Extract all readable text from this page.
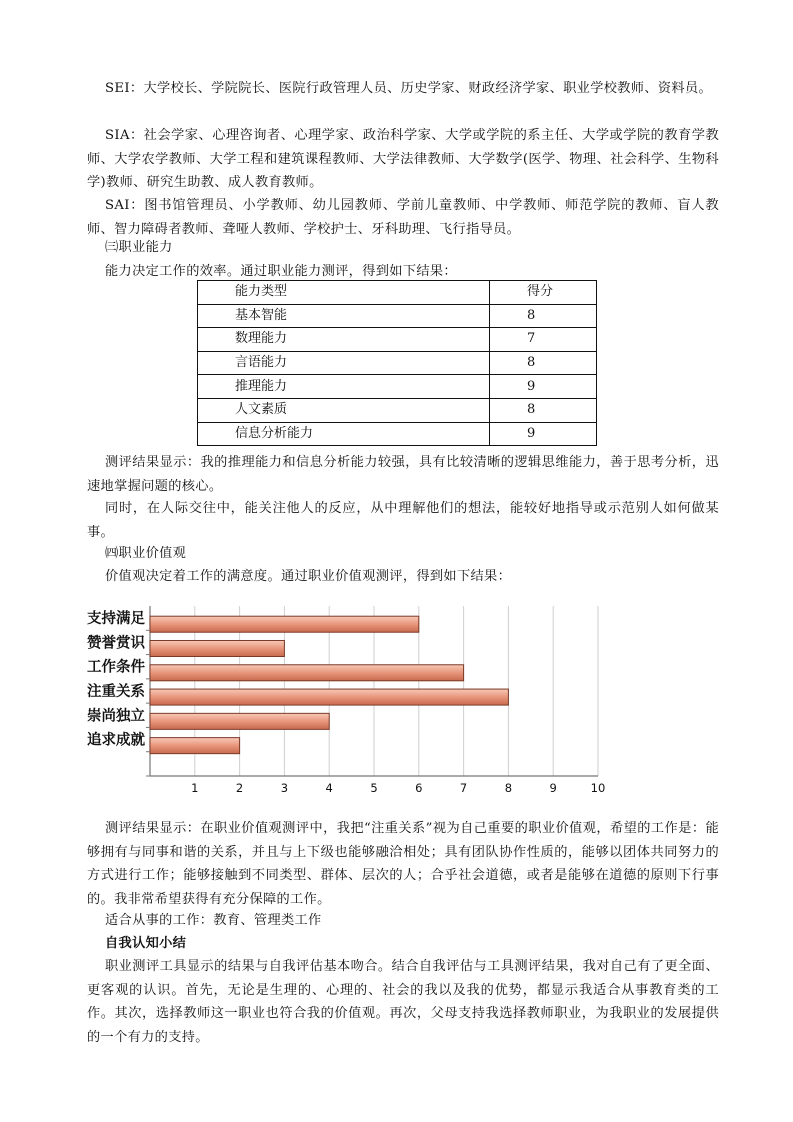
SEI：大学校长、学院院长、医院行政管理人员、历史学家、财政经济学家、职业学校教师、资料员。

SIA：社会学家、心理咨询者、心理学家、政治科学家、大学或学院的系主任、大学或学院的教育学教师、大学农学教师、大学工程和建筑课程教师、大学法律教师、大学数学(医学、物理、社会科学、生物科学)教师、研究生助教、成人教育教师。

SAI：图书馆管理员、小学教师、幼儿园教师、学前儿童教师、中学教师、师范学院的教师、盲人教师、智力障碍者教师、聋哑人教师、学校护士、牙科助理、飞行指导员。

㈢职业能力

能力决定工作的效率。通过职业能力测评，得到如下结果：

能力类型	得分
基本智能	8
数理能力	7
言语能力	8
推理能力	9
人文素质	8
信息分析能力	9

测评结果显示：我的推理能力和信息分析能力较强，具有比较清晰的逻辑思维能力，善于思考分析，迅速地掌握问题的核心。

同时，在人际交往中，能关注他人的反应，从中理解他们的想法，能较好地指导或示范别人如何做某事。

㈣职业价值观

价值观决定着工作的满意度。通过职业价值观测评，得到如下结果：

支持满足
赞誉赏识
工作条件
注重关系
崇尚独立
追求成就
1	2	3	4	5	6	7	8	9	10

测评结果显示：在职业价值观测评中，我把“注重关系”视为自己重要的职业价值观，希望的工作是：能够拥有与同事和谐的关系，并且与上下级也能够融洽相处；具有团队协作性质的，能够以团体共同努力的方式进行工作；能够接触到不同类型、群体、层次的人；合乎社会道德，或者是能够在道德的原则下行事的。我非常希望获得有充分保障的工作。

适合从事的工作：教育、管理类工作

自我认知小结

职业测评工具显示的结果与自我评估基本吻合。结合自我评估与工具测评结果，我对自己有了更全面、更客观的认识。首先，无论是生理的、心理的、社会的我以及我的优势，都显示我适合从事教育类的工作。其次，选择教师这一职业也符合我的价值观。再次，父母支持我选择教师职业，为我职业的发展提供的一个有力的支持。
